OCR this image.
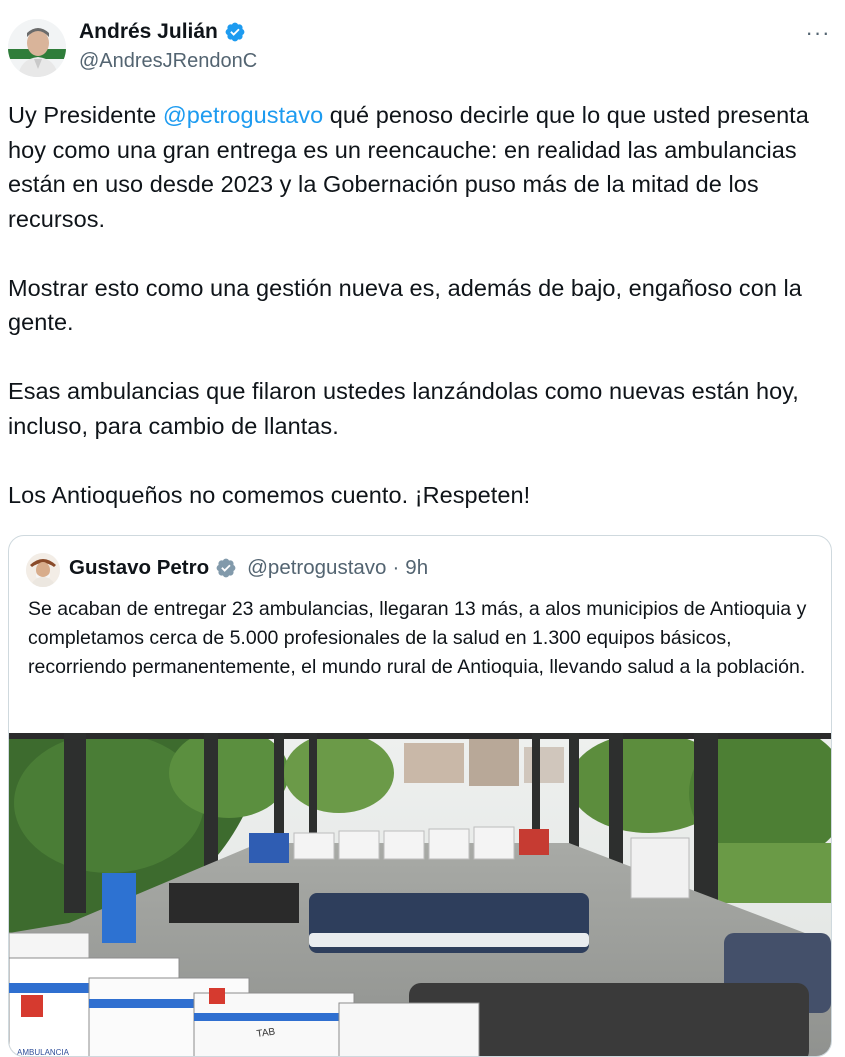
Andrés Julián
@AndresJRendonC
···

Uy Presidente @petrogustavo qué penoso decirle que lo que usted presenta hoy como una gran entrega es un reencauche: en realidad las ambulancias están en uso desde 2023 y la Gobernación puso más de la mitad de los recursos.

Mostrar esto como una gestión nueva es, además de bajo, engañoso con la gente.

Esas ambulancias que filaron ustedes lanzándolas como nuevas están hoy, incluso, para cambio de llantas.

Los Antioqueños no comemos cuento. ¡Respeten!

Gustavo Petro @petrogustavo · 9h
Se acaban de entregar 23 ambulancias, llegaran 13 más, a alos municipios de Antioquia y completamos cerca de 5.000 profesionales de la salud en 1.300 equipos básicos, recorriendo permanentemente, el mundo rural de Antioquia, llevando salud a la población.
AMBULANCIA
TAB
